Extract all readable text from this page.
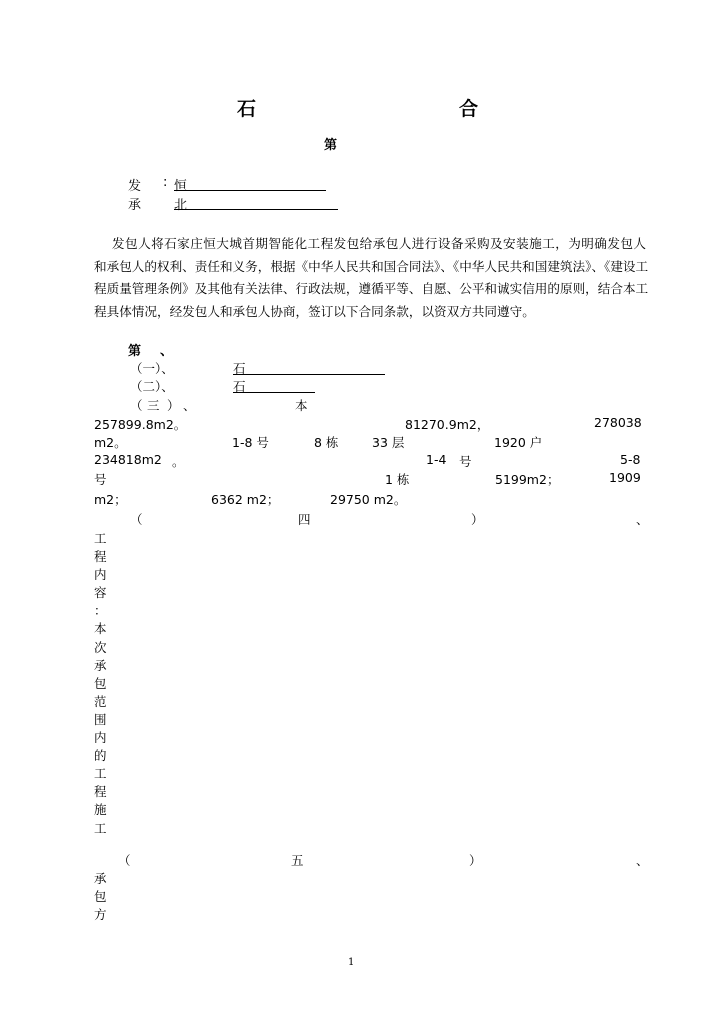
石	合
第
发 : 恒
承	北
发包人将石家庄恒大城首期智能化工程发包给承包人进行设备采购及安装施工，为明确发包人
和承包人的权利、责任和义务，根据《中华人民共和国合同法》、《中华人民共和国建筑法》、《建设工
程质量管理条例》及其他有关法律、行政法规，遵循平等、自愿、公平和诚实信用的原则，结合本工
程具体情况，经发包人和承包人协商，签订以下合同条款，以资双方共同遵守。
第 、
（一）、	石
（二）、	石
（ 三 ） 、	本
257899.8m2。	81270.9m2，	278038
m2。	1-8 号	8 栋	33 层	1920 户
234818m2 。	1-4 号	5-8
号	1 栋	5199m2；	1909
m2；	6362 m2；	29750 m2。
（	四	）	、
工
程
内
容
：
本
次
承
包
范
围
内
的
工
程
施
工
（	五	）	、
承
包
方
1
